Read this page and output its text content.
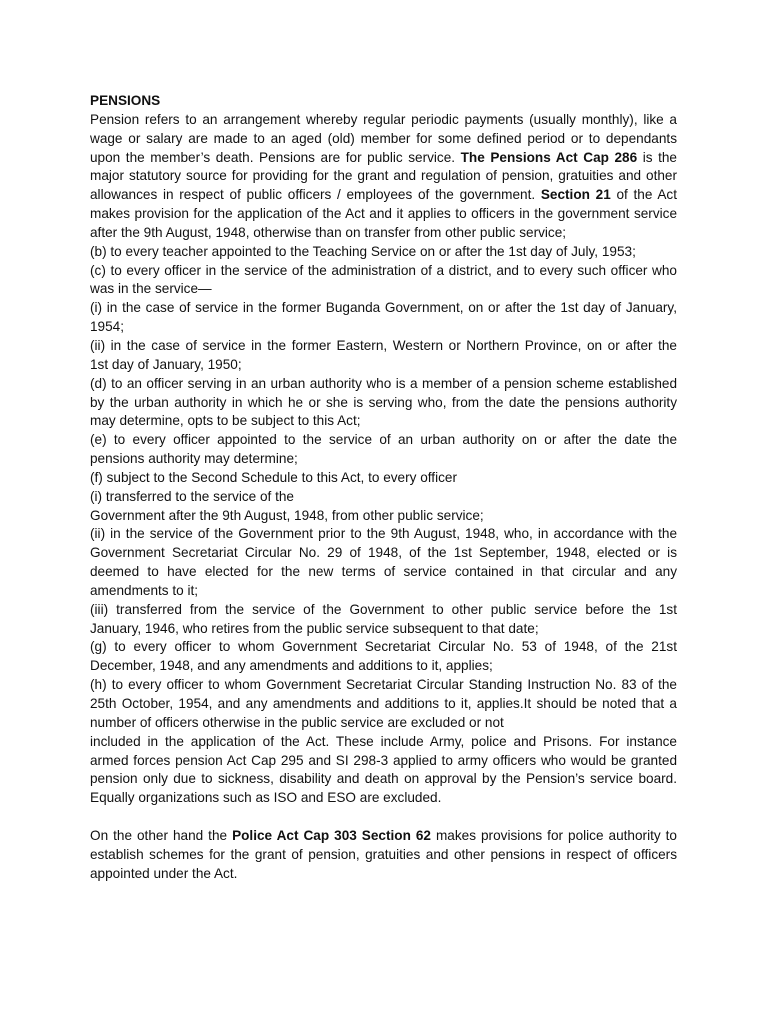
PENSIONS

Pension refers to an arrangement whereby regular periodic payments (usually monthly), like a
wage or salary are made to an aged (old) member for some defined period or to dependants
upon the member’s death. Pensions are for public service. The Pensions Act Cap 286 is the
major statutory source for providing for the grant and regulation of pension, gratuities and other
allowances in respect of public officers / employees of the government. Section 21 of the Act
makes provision for the application of the Act and it applies to officers in the government service
after the 9th August, 1948, otherwise than on transfer from other public service;
(b) to every teacher appointed to the Teaching Service on or after the 1st day of July, 1953;
(c) to every officer in the service of the administration of a district, and to every such officer who
was in the service—
(i) in the case of service in the former Buganda Government, on or after the 1st day of January,
1954;
(ii) in the case of service in the former Eastern, Western or Northern Province, on or after the
1st day of January, 1950;
(d) to an officer serving in an urban authority who is a member of a pension scheme established
by the urban authority in which he or she is serving who, from the date the pensions authority
may determine, opts to be subject to this Act;
(e) to every officer appointed to the service of an urban authority on or after the date the
pensions authority may determine;
(f) subject to the Second Schedule to this Act, to every officer
(i) transferred to the service of the
Government after the 9th August, 1948, from other public service;
(ii) in the service of the Government prior to the 9th August, 1948, who, in accordance with the
Government Secretariat Circular No. 29 of 1948, of the 1st September, 1948, elected or is
deemed to have elected for the new terms of service contained in that circular and any
amendments to it;
(iii) transferred from the service of the Government to other public service before the 1st
January, 1946, who retires from the public service subsequent to that date;
(g) to every officer to whom Government Secretariat Circular No. 53 of 1948, of the 21st
December, 1948, and any amendments and additions to it, applies;
(h) to every officer to whom Government Secretariat Circular Standing Instruction No. 83 of the
25th October, 1954, and any amendments and additions to it, applies.It should be noted that a
number of officers otherwise in the public service are excluded or not
included in the application of the Act. These include Army, police and Prisons. For instance
armed forces pension Act Cap 295 and SI 298-3 applied to army officers who would be granted
pension only due to sickness, disability and death on approval by the Pension’s service board.
Equally organizations such as ISO and ESO are excluded.

On the other hand the Police Act Cap 303 Section 62 makes provisions for police authority to
establish schemes for the grant of pension, gratuities and other pensions in respect of officers
appointed under the Act.
